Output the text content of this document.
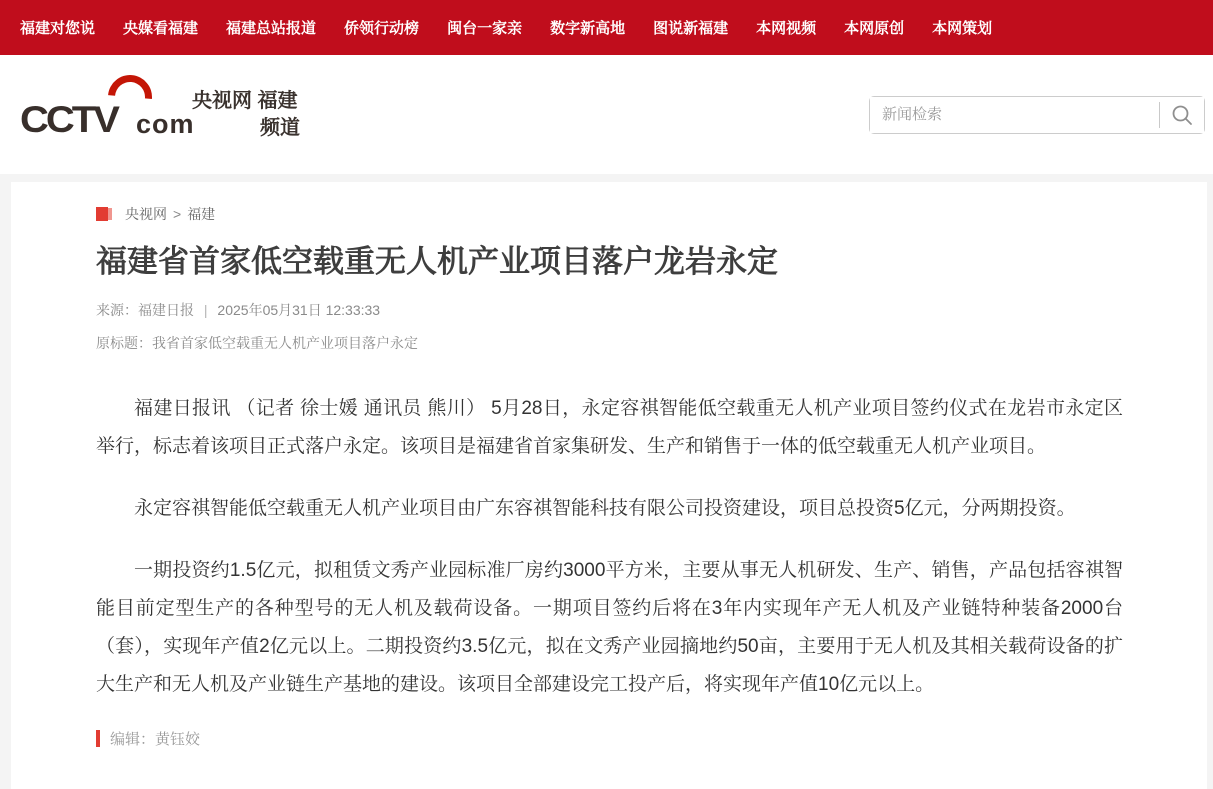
福建对您说 央媒看福建 福建总站报道 侨领行动榜 闽台一家亲 数字新高地 图说新福建 本网视频 本网原创 本网策划
CCTV com
央视网 福建
频道
新闻检索
央视网 > 福建
福建省首家低空载重无人机产业项目落户龙岩永定
来源：福建日报 | 2025年05月31日 12:33:33
原标题：我省首家低空载重无人机产业项目落户永定

福建日报讯 （记者 徐士媛 通讯员 熊川） 5月28日，永定容祺智能低空载重无人机产业项目签约仪式在龙岩市永定区举行，标志着该项目正式落户永定。该项目是福建省首家集研发、生产和销售于一体的低空载重无人机产业项目。

永定容祺智能低空载重无人机产业项目由广东容祺智能科技有限公司投资建设，项目总投资5亿元，分两期投资。

一期投资约1.5亿元，拟租赁文秀产业园标准厂房约3000平方米，主要从事无人机研发、生产、销售，产品包括容祺智能目前定型生产的各种型号的无人机及载荷设备。一期项目签约后将在3年内实现年产无人机及产业链特种装备2000台（套），实现年产值2亿元以上。二期投资约3.5亿元，拟在文秀产业园摘地约50亩，主要用于无人机及其相关载荷设备的扩大生产和无人机及产业链生产基地的建设。该项目全部建设完工投产后，将实现年产值10亿元以上。

编辑：黄钰姣
